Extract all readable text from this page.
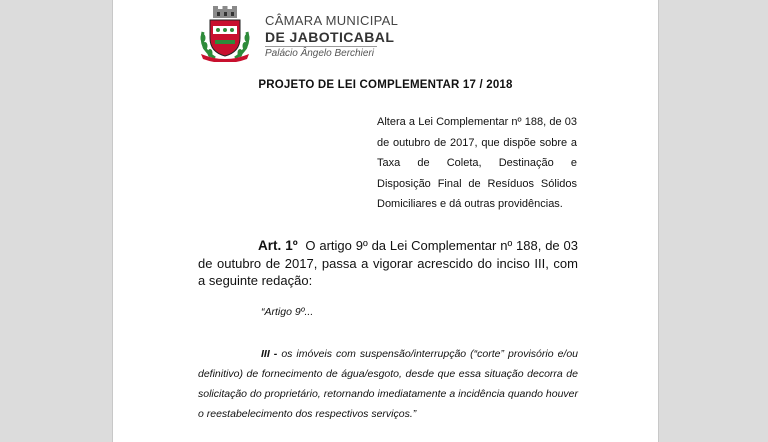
CÂMARA MUNICIPAL
DE JABOTICABAL
Palácio Ângelo Berchieri
PROJETO DE LEI COMPLEMENTAR 17 / 2018
Altera a Lei Complementar nº 188, de 03 de outubro de 2017, que dispõe sobre a Taxa de Coleta, Destinação e Disposição Final de Resíduos Sólidos Domiciliares e dá outras providências.
Art. 1º O artigo 9º da Lei Complementar nº 188, de 03 de outubro de 2017, passa a vigorar acrescido do inciso III, com a seguinte redação:
“Artigo 9º...
III - os imóveis com suspensão/interrupção (“corte” provisório e/ou definitivo) de fornecimento de água/esgoto, desde que essa situação decorra de solicitação do proprietário, retornando imediatamente a incidência quando houver o reestabelecimento dos respectivos serviços.”
